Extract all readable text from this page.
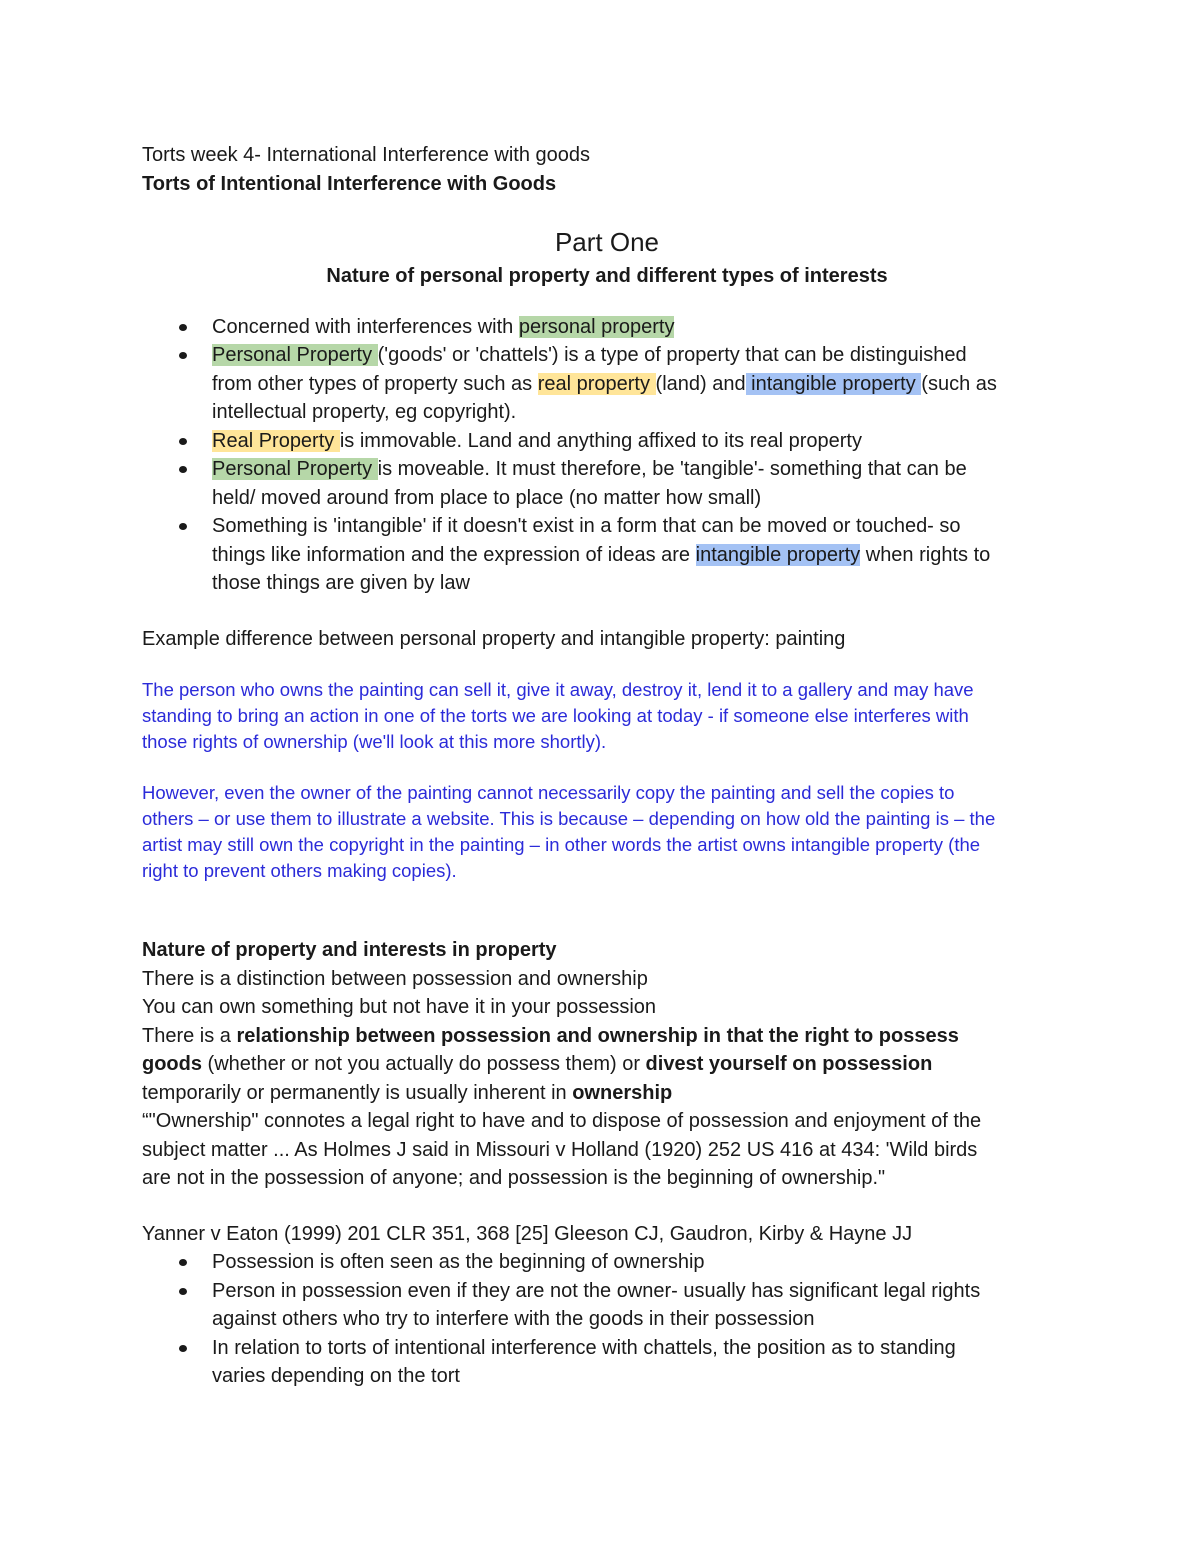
Torts week 4- International Interference with goods
Torts of Intentional Interference with Goods
Part One
Nature of personal property and different types of interests
Concerned with interferences with personal property
Personal Property ('goods' or 'chattels') is a type of property that can be distinguished
from other types of property such as real property (land) and intangible property (such as
intellectual property, eg copyright).
Real Property is immovable. Land and anything affixed to its real property
Personal Property is moveable. It must therefore, be 'tangible'- something that can be
held/ moved around from place to place (no matter how small)
Something is 'intangible' if it doesn't exist in a form that can be moved or touched- so
things like information and the expression of ideas are intangible property when rights to
those things are given by law
Example difference between personal property and intangible property: painting
The person who owns the painting can sell it, give it away, destroy it, lend it to a gallery and may have
standing to bring an action in one of the torts we are looking at today - if someone else interferes with
those rights of ownership (we'll look at this more shortly).
However, even the owner of the painting cannot necessarily copy the painting and sell the copies to
others – or use them to illustrate a website. This is because – depending on how old the painting is – the
artist may still own the copyright in the painting – in other words the artist owns intangible property (the
right to prevent others making copies).
Nature of property and interests in property
There is a distinction between possession and ownership
You can own something but not have it in your possession
There is a relationship between possession and ownership in that the right to possess
goods (whether or not you actually do possess them) or divest yourself on possession
temporarily or permanently is usually inherent in ownership
“"Ownership" connotes a legal right to have and to dispose of possession and enjoyment of the
subject matter ... As Holmes J said in Missouri v Holland (1920) 252 US 416 at 434: 'Wild birds
are not in the possession of anyone; and possession is the beginning of ownership."
Yanner v Eaton (1999) 201 CLR 351, 368 [25] Gleeson CJ, Gaudron, Kirby & Hayne JJ
Possession is often seen as the beginning of ownership
Person in possession even if they are not the owner- usually has significant legal rights
against others who try to interfere with the goods in their possession
In relation to torts of intentional interference with chattels, the position as to standing
varies depending on the tort
